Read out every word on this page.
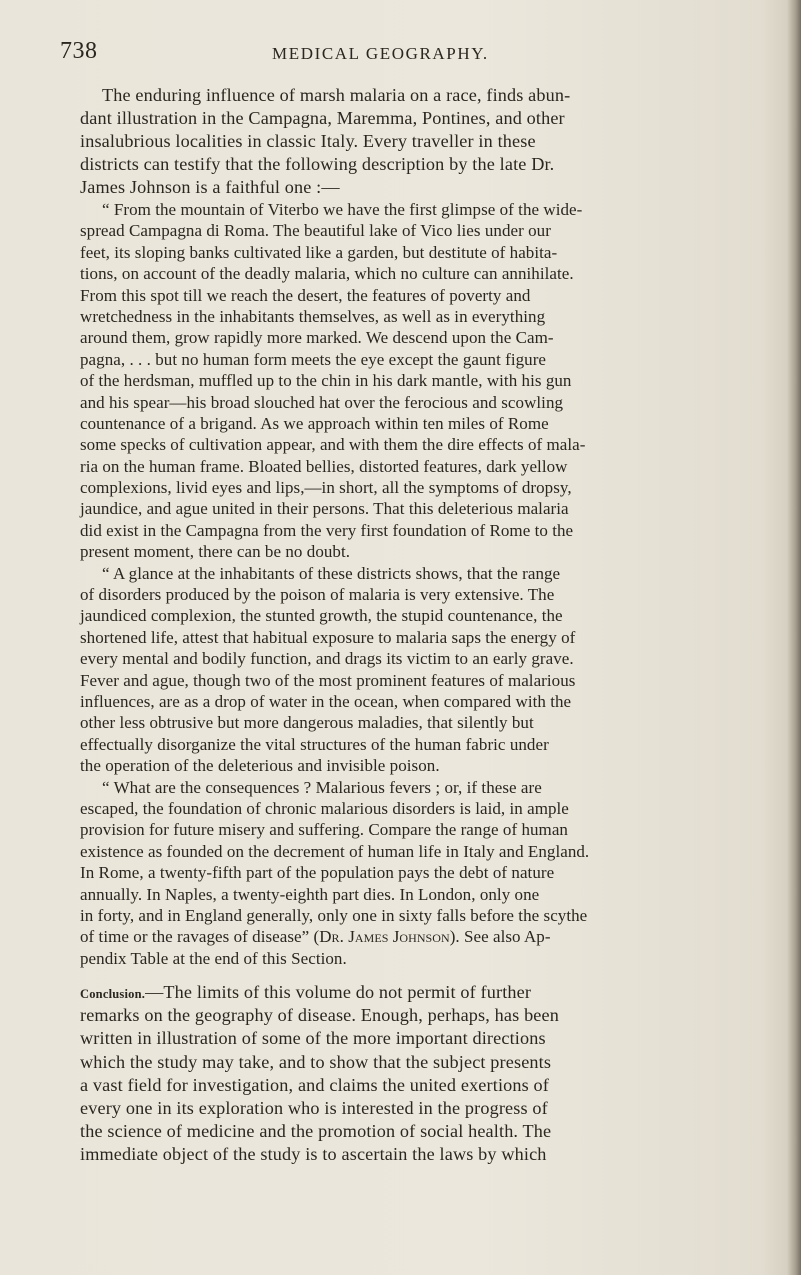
738	MEDICAL GEOGRAPHY.
The enduring influence of marsh malaria on a race, finds abun-
dant illustration in the Campagna, Maremma, Pontines, and other
insalubrious localities in classic Italy. Every traveller in these
districts can testify that the following description by the late Dr.
James Johnson is a faithful one :—
“ From the mountain of Viterbo we have the first glimpse of the wide-
spread Campagna di Roma. The beautiful lake of Vico lies under our
feet, its sloping banks cultivated like a garden, but destitute of habita-
tions, on account of the deadly malaria, which no culture can annihilate.
From this spot till we reach the desert, the features of poverty and
wretchedness in the inhabitants themselves, as well as in everything
around them, grow rapidly more marked. We descend upon the Cam-
pagna, . . . but no human form meets the eye except the gaunt figure
of the herdsman, muffled up to the chin in his dark mantle, with his gun
and his spear—his broad slouched hat over the ferocious and scowling
countenance of a brigand. As we approach within ten miles of Rome
some specks of cultivation appear, and with them the dire effects of mala-
ria on the human frame. Bloated bellies, distorted features, dark yellow
complexions, livid eyes and lips,—in short, all the symptoms of dropsy,
jaundice, and ague united in their persons. That this deleterious malaria
did exist in the Campagna from the very first foundation of Rome to the
present moment, there can be no doubt.
“ A glance at the inhabitants of these districts shows, that the range
of disorders produced by the poison of malaria is very extensive. The
jaundiced complexion, the stunted growth, the stupid countenance, the
shortened life, attest that habitual exposure to malaria saps the energy of
every mental and bodily function, and drags its victim to an early grave.
Fever and ague, though two of the most prominent features of malarious
influences, are as a drop of water in the ocean, when compared with the
other less obtrusive but more dangerous maladies, that silently but
effectually disorganize the vital structures of the human fabric under
the operation of the deleterious and invisible poison.
“ What are the consequences ? Malarious fevers ; or, if these are
escaped, the foundation of chronic malarious disorders is laid, in ample
provision for future misery and suffering. Compare the range of human
existence as founded on the decrement of human life in Italy and England.
In Rome, a twenty-fifth part of the population pays the debt of nature
annually. In Naples, a twenty-eighth part dies. In London, only one
in forty, and in England generally, only one in sixty falls before the scythe
of time or the ravages of disease” (Dr. James Johnson). See also Ap-
pendix Table at the end of this Section.
Conclusion.—The limits of this volume do not permit of further
remarks on the geography of disease. Enough, perhaps, has been
written in illustration of some of the more important directions
which the study may take, and to show that the subject presents
a vast field for investigation, and claims the united exertions of
every one in its exploration who is interested in the progress of
the science of medicine and the promotion of social health. The
immediate object of the study is to ascertain the laws by which
